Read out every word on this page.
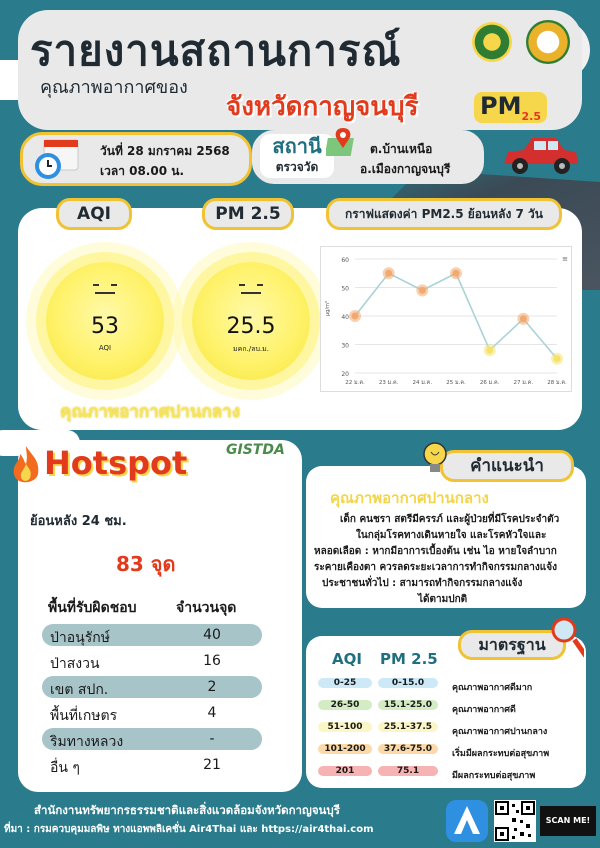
รายงานสถานการณ์
คุณภาพอากาศของ
จังหวัดกาญจนบุรี	$PM_{2.5}$
วันที่ 28 มกราคม 2568
เวลา 08.00 น.
สถานี
ตรวจวัด
ต.บ้านเหนือ
อ.เมืองกาญจนบุรี
AQI	PM 2.5	กราฟแสดงค่า PM2.5 ย้อนหลัง 7 วัน
53
AQI
25.5
มคก./ลบ.ม.
คุณภาพอากาศปานกลาง
20
30
40
50
60
µg/m³
22 ม.ค.	23 ม.ค.	24 ม.ค.	25 ม.ค.	26 ม.ค.	27 ม.ค.	28 ม.ค.
≡
Hotspot	GISTDA
ย้อนหลัง 24 ชม.
83 จุด
พื้นที่รับผิดชอบ	จำนวนจุด
ป่าอนุรักษ์	40
ป่าสงวน	16
เขต สปก.	2
พื้นที่เกษตร	4
ริมทางหลวง	-
อื่น ๆ	21
คำแนะนำ
คุณภาพอากาศปานกลาง
เด็ก คนชรา สตรีมีครรภ์ และผู้ป่วยที่มีโรคประจำตัว
ในกลุ่มโรคทางเดินหายใจ และโรคหัวใจและ
หลอดเลือด : หากมีอาการเบื้องต้น เช่น ไอ หายใจลำบาก
ระคายเคืองตา ควรลดระยะเวลาการทำกิจกรรมกลางแจ้ง
ประชาชนทั่วไป : สามารถทำกิจกรรมกลางแจ้ง
ได้ตามปกติ
มาตรฐาน
AQI PM 2.5
0-25	0-15.0	คุณภาพอากาศดีมาก
26-50	15.1-25.0	คุณภาพอากาศดี
51-100	25.1-37.5	คุณภาพอากาศปานกลาง
101-200	37.6-75.0	เริ่มมีผลกระทบต่อสุขภาพ
201	75.1	มีผลกระทบต่อสุขภาพ
สำนักงานทรัพยากรธรรมชาติและสิ่งแวดล้อมจังหวัดกาญจนบุรี
ที่มา : กรมควบคุมมลพิษ ทางแอพพลิเคชั่น Air4Thai และ https://air4thai.com
SCAN ME!
